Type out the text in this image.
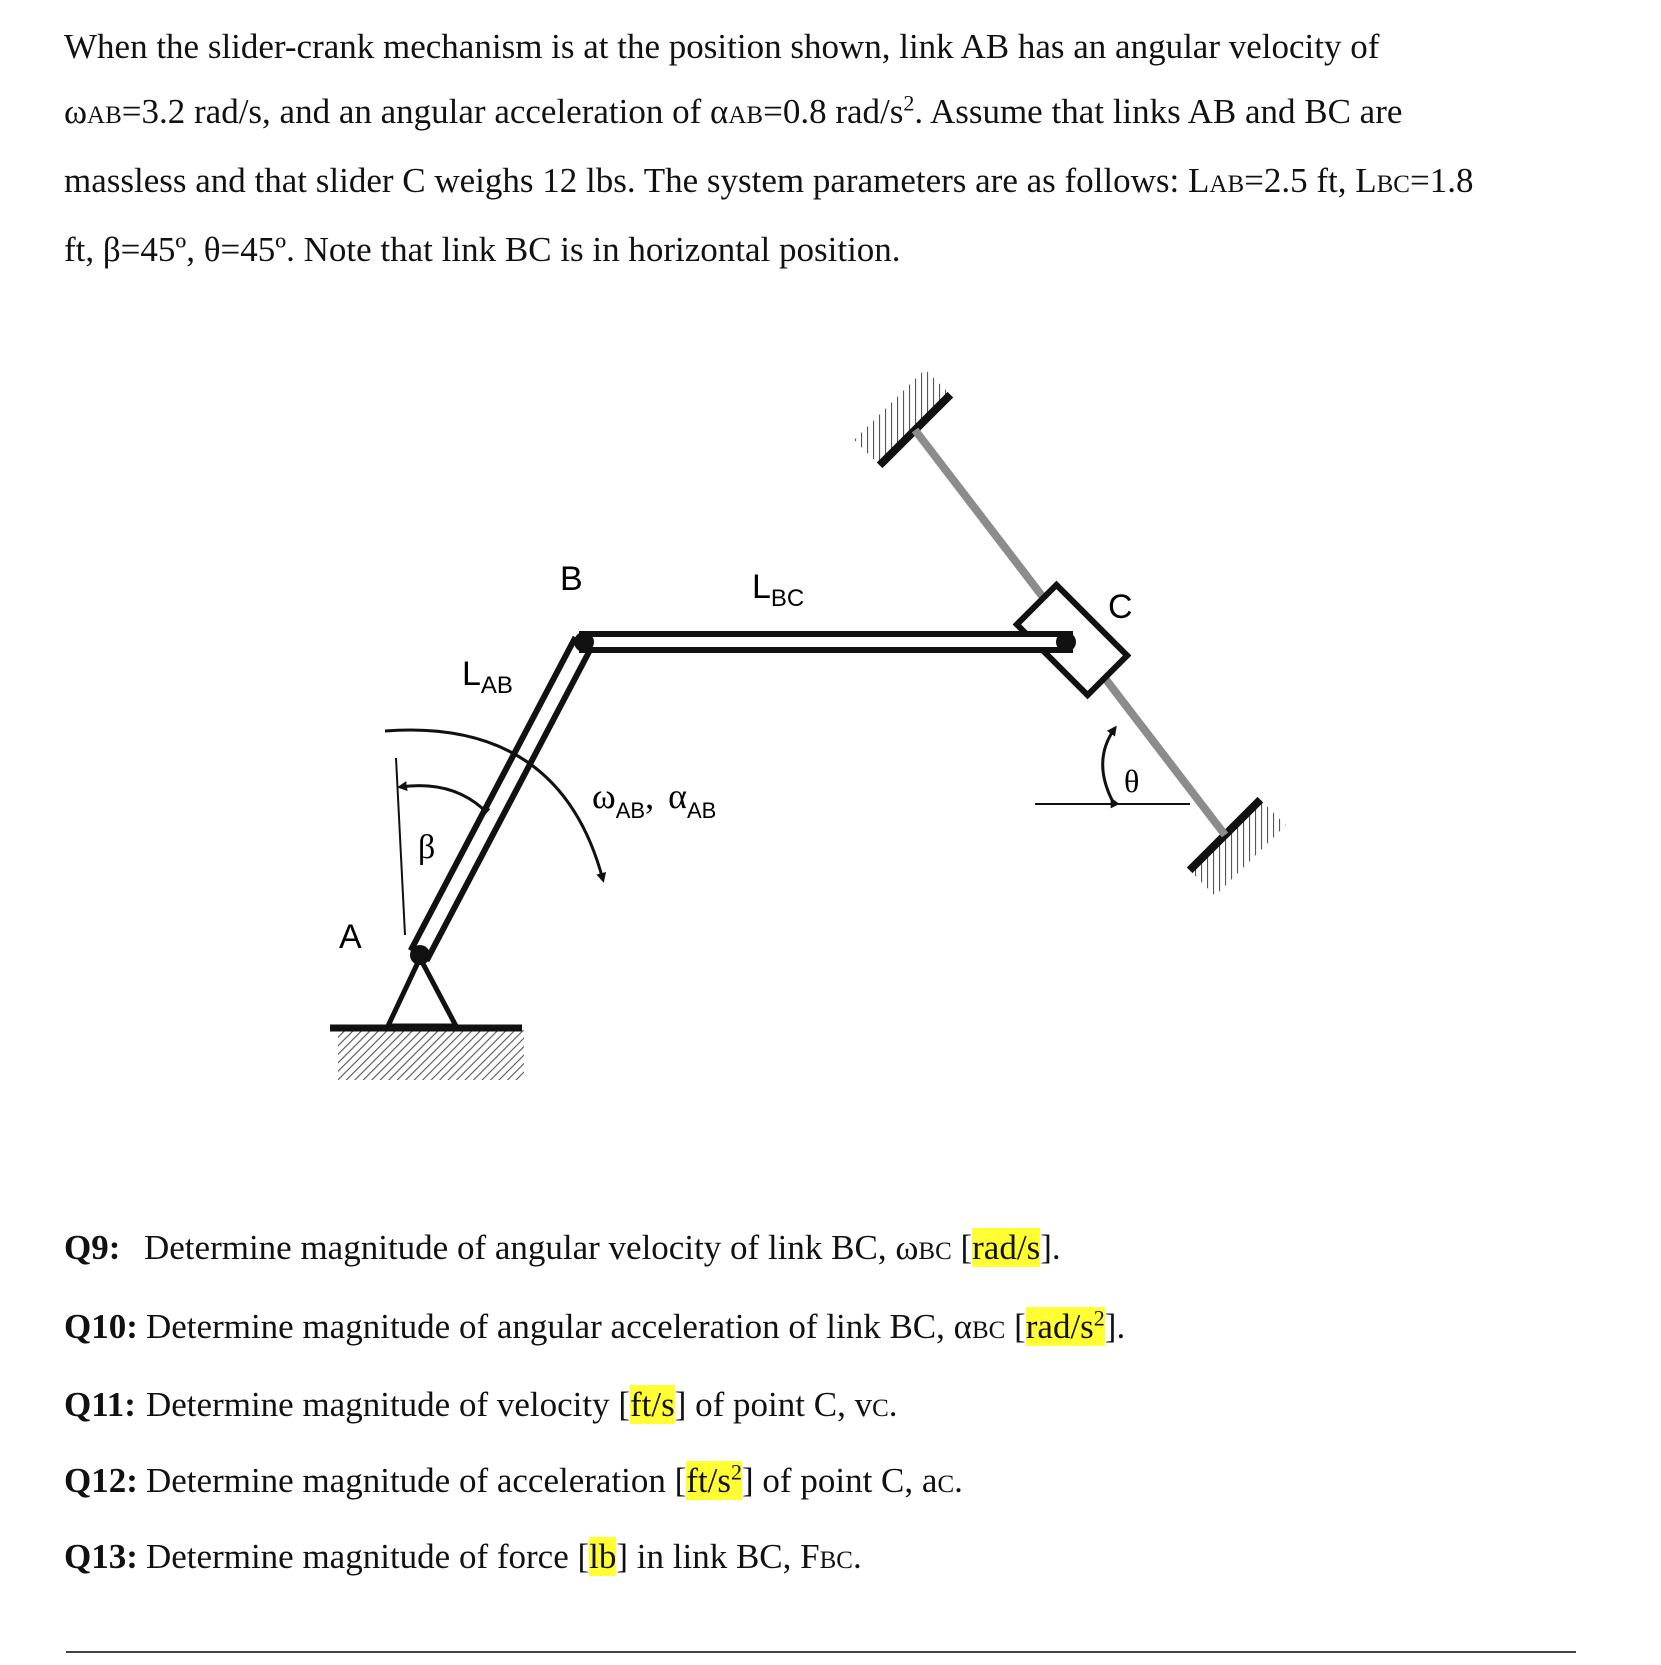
When the slider-crank mechanism is at the position shown, link AB has an angular velocity of

ωAB=3.2 rad/s, and an angular acceleration of αAB=0.8 rad/$s^2$. Assume that links AB and BC are

massless and that slider C weighs 12 lbs. The system parameters are as follows: LAB=2.5 ft, LBC=1.8

ft, β=45º, θ=45º. Note that link BC is in horizontal position.

B	$L_{BC}$	C
$L_{AB}$
$\omega_{AB}$, $\alpha_{AB}$
θ
β
A
Q9: Determine magnitude of angular velocity of link BC, ωBC [rad/s].
Q10: Determine magnitude of angular acceleration of link BC, αBC $[rad/s^2]$.
Q11: Determine magnitude of velocity [ft/s] of point C, vC.
Q12: Determine magnitude of acceleration $[ft/s^2]$ of point C, aC.
Q13: Determine magnitude of force [lb] in link BC, FBC.
